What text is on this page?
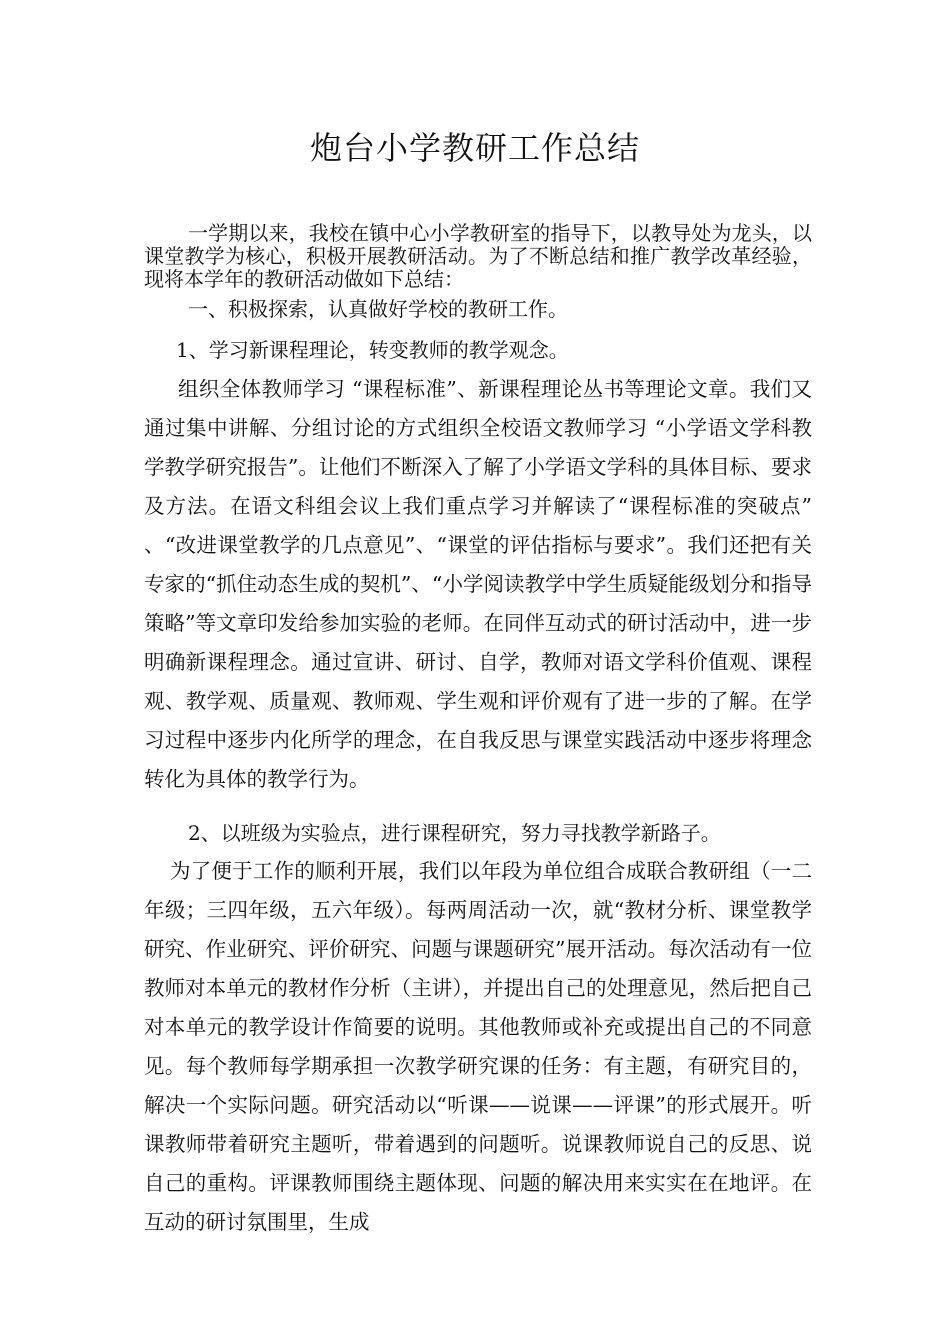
炮台小学教研工作总结

一学期以来，我校在镇中心小学教研室的指导下，以教导处为龙头，以课堂教学为核心，积极开展教研活动。为了不断总结和推广教学改革经验，现将本学年的教研活动做如下总结：

一、积极探索，认真做好学校的教研工作。

1、学习新课程理论，转变教师的教学观念。

组织全体教师学习 “课程标准”、新课程理论丛书等理论文章。我们又通过集中讲解、分组讨论的方式组织全校语文教师学习 “小学语文学科教学教学研究报告”。让他们不断深入了解了小学语文学科的具体目标、要求及方法。在语文科组会议上我们重点学习并解读了“课程标准的突破点” 、“改进课堂教学的几点意见”、“课堂的评估指标与要求”。我们还把有关专家的“抓住动态生成的契机”、“小学阅读教学中学生质疑能级划分和指导策略”等文章印发给参加实验的老师。在同伴互动式的研讨活动中，进一步明确新课程理念。通过宣讲、研讨、自学，教师对语文学科价值观、课程观、教学观、质量观、教师观、学生观和评价观有了进一步的了解。在学习过程中逐步内化所学的理念，在自我反思与课堂实践活动中逐步将理念转化为具体的教学行为。

2、以班级为实验点，进行课程研究，努力寻找教学新路子。

为了便于工作的顺利开展，我们以年段为单位组合成联合教研组（一二年级；三四年级，五六年级）。每两周活动一次，就“教材分析、课堂教学研究、作业研究、评价研究、问题与课题研究”展开活动。每次活动有一位教师对本单元的教材作分析（主讲），并提出自己的处理意见，然后把自己对本单元的教学设计作简要的说明。其他教师或补充或提出自己的不同意见。每个教师每学期承担一次教学研究课的任务：有主题，有研究目的，解决一个实际问题。研究活动以“听课——说课——评课”的形式展开。听课教师带着研究主题听，带着遇到的问题听。说课教师说自己的反思、说自己的重构。评课教师围绕主题体现、问题的解决用来实实在在地评。在互动的研讨氛围里，生成
